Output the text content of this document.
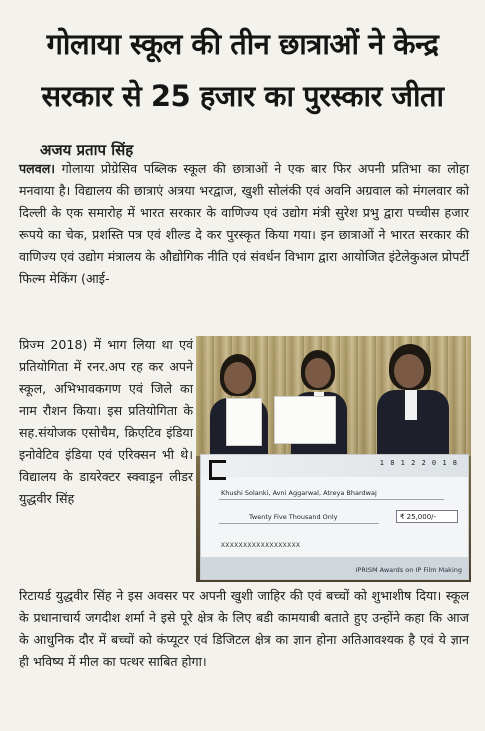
गोलाया स्कूल की तीन छात्राओं ने केन्द्र
सरकार से 25 हजार का पुरस्कार जीता
अजय प्रताप सिंह
पलवल। गोलाया प्रोग्रेसिव पब्लिक स्कूल की छात्राओं ने एक बार फिर अपनी प्रतिभा का लोहा मनवाया है। विद्यालय की छात्राएं अत्रया भरद्वाज, खुशी सोलंकी एवं अवनि अग्रवाल को मंगलवार को दिल्ली के एक समारोह में भारत सरकार के वाणिज्य एवं उद्योग मंत्री सुरेश प्रभु द्वारा पच्चीस हजार रूपये का चेक, प्रशस्ति पत्र एवं शील्ड दे कर पुरस्कृत किया गया। इन छात्राओं ने भारत सरकार की वाणिज्य एवं उद्योग मंत्रालय के औद्योगिक नीति एवं संवर्धन विभाग द्वारा आयोजित इंटेलेकुअल प्रोपर्टी फिल्म मेकिंग (आई-
प्रिज्म 2018) में भाग लिया था एवं प्रतियोगिता में रनर.अप रह कर अपने स्कूल, अभिभावकगण एवं जिले का नाम रौशन किया। इस प्रतियोगिता के सह.संयोजक एसोचैम, क्रिएटिव इंडिया इनोवेटिव इंडिया एवं एरिक्सन भी थे। विद्यालय के डायरेक्टर स्क्वाड्रन लीडर युद्धवीर सिंह
1 8 1 2 2 0 1 8
Khushi Solanki, Avni Aggarwal, Atreya Bhardwaj
Twenty Five Thousand Only	₹ 25,000/-
XXXXXXXXXXXXXXXXXX
IPRISM Awards on IP Film Making
रिटायर्ड युद्धवीर सिंह ने इस अवसर पर अपनी खुशी जाहिर की एवं बच्चों को शुभाशीष दिया। स्कूल के प्रधानाचार्य जगदीश शर्मा ने इसे पूरे क्षेत्र के लिए बडी कामयाबी बताते हुए उन्होंने कहा कि आज के आधुनिक दौर में बच्चों को कंप्यूटर एवं डिजिटल क्षेत्र का ज्ञान होना अतिआवश्यक है एवं ये ज्ञान ही भविष्य में मील का पत्थर साबित होगा।
